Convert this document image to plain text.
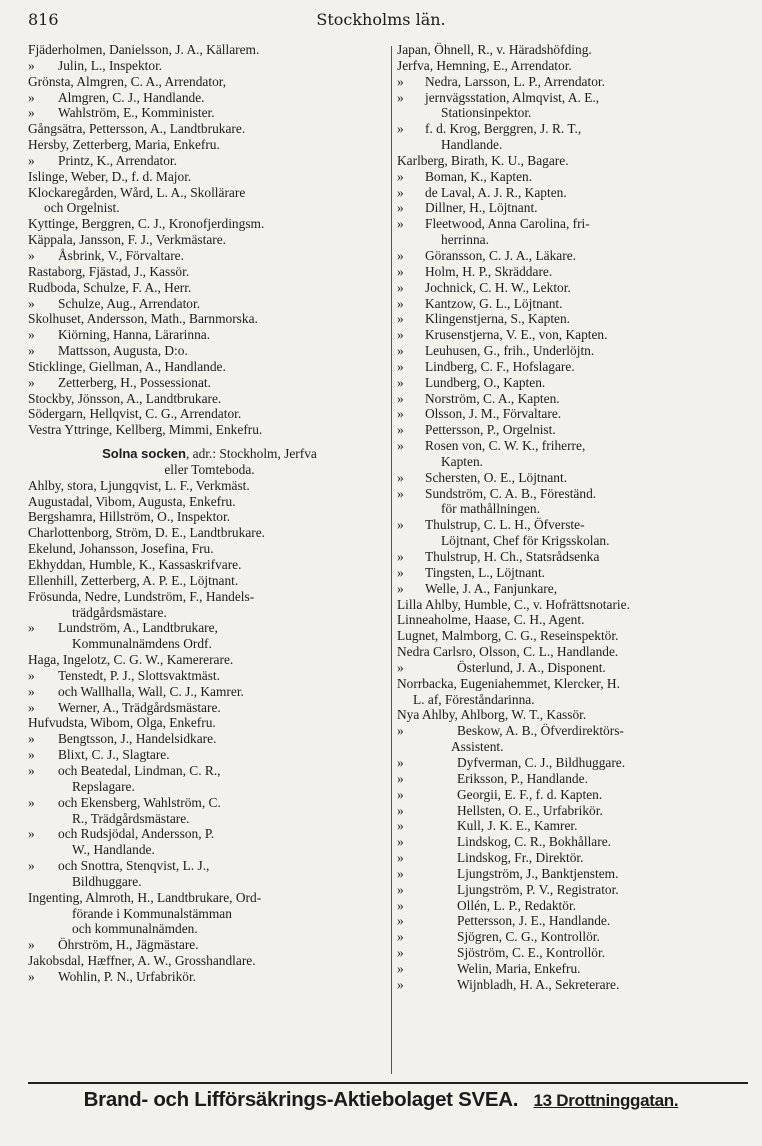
816	Stockholms län.
Fjäderholmen, Danielsson, J. A., Källarem.
» Julin, L., Inspektor.
Grönsta, Almgren, C. A., Arrendator,
» Almgren, C. J., Handlande.
» Wahlström, E., Komminister.
Gångsätra, Pettersson, A., Landtbrukare.
Hersby, Zetterberg, Maria, Enkefru.
» Printz, K., Arrendator.
Islinge, Weber, D., f. d. Major.
Klockaregården, Wård, L. A., Skollärare
och Orgelnist.
Kyttinge, Berggren, C. J., Kronofjerdingsm.
Käppala, Jansson, F. J., Verkmästare.
» Åsbrink, V., Förvaltare.
Rastaborg, Fjästad, J., Kassör.
Rudboda, Schulze, F. A., Herr.
» Schulze, Aug., Arrendator.
Skolhuset, Andersson, Math., Barnmorska.
» Kiörning, Hanna, Lärarinna.
» Mattsson, Augusta, D:o.
Sticklinge, Giellman, A., Handlande.
» Zetterberg, H., Possessionat.
Stockby, Jönsson, A., Landtbrukare.
Södergarn, Hellqvist, C. G., Arrendator.
Vestra Yttringe, Kellberg, Mimmi, Enkefru.
Solna socken, adr.: Stockholm, Jerfva
eller Tomteboda.
Ahlby, stora, Ljungqvist, L. F., Verkmäst.
Augustadal, Vibom, Augusta, Enkefru.
Bergshamra, Hillström, O., Inspektor.
Charlottenborg, Ström, D. E., Landtbrukare.
Ekelund, Johansson, Josefina, Fru.
Ekhyddan, Humble, K., Kassaskrifvare.
Ellenhill, Zetterberg, A. P. E., Löjtnant.
Frösunda, Nedre, Lundström, F., Handels-
trädgårdsmästare.
» Lundström, A., Landtbrukare,
Kommunalnämdens Ordf.
Haga, Ingelotz, C. G. W., Kamererare.
» Tenstedt, P. J., Slottsvaktmäst.
» och Wallhalla, Wall, C. J., Kamrer.
» Werner, A., Trädgårdsmästare.
Hufvudsta, Wibom, Olga, Enkefru.
» Bengtsson, J., Handelsidkare.
» Blixt, C. J., Slagtare.
» och Beatedal, Lindman, C. R.,
Repslagare.
» och Ekensberg, Wahlström, C.
R., Trädgårdsmästare.
» och Rudsjödal, Andersson, P.
W., Handlande.
» och Snottra, Stenqvist, L. J.,
Bildhuggare.
Ingenting, Almroth, H., Landtbrukare, Ord-
förande i Kommunalstämman
och kommunalnämden.
» Öhrström, H., Jägmästare.
Jakobsdal, Hæffner, A. W., Grosshandlare.
» Wohlin, P. N., Urfabrikör.
Japan, Öhnell, R., v. Häradshöfding.
Jerfva, Hemning, E., Arrendator.
» Nedra, Larsson, L. P., Arrendator.
» jernvägsstation, Almqvist, A. E.,
Stationsinpektor.
» f. d. Krog, Berggren, J. R. T.,
Handlande.
Karlberg, Birath, K. U., Bagare.
» Boman, K., Kapten.
» de Laval, A. J. R., Kapten.
» Dillner, H., Löjtnant.
» Fleetwood, Anna Carolina, fri-
herrinna.
» Göransson, C. J. A., Läkare.
» Holm, H. P., Skräddare.
» Jochnick, C. H. W., Lektor.
» Kantzow, G. L., Löjtnant.
» Klingenstjerna, S., Kapten.
» Krusenstjerna, V. E., von, Kapten.
» Leuhusen, G., frih., Underlöjtn.
» Lindberg, C. F., Hofslagare.
» Lundberg, O., Kapten.
» Norström, C. A., Kapten.
» Olsson, J. M., Förvaltare.
» Pettersson, P., Orgelnist.
» Rosen von, C. W. K., friherre,
Kapten.
» Schersten, O. E., Löjtnant.
» Sundström, C. A. B., Föreständ.
för mathållningen.
» Thulstrup, C. L. H., Öfverste-
Löjtnant, Chef för Krigsskolan.
» Thulstrup, H. Ch., Statsrådsenka
» Tingsten, L., Löjtnant.
» Welle, J. A., Fanjunkare,
Lilla Ahlby, Humble, C., v. Hofrättsnotarie.
Linneaholme, Haase, C. H., Agent.
Lugnet, Malmborg, C. G., Reseinspektör.
Nedra Carlsro, Olsson, C. L., Handlande.
»	Österlund, J. A., Disponent.
Norrbacka, Eugeniahemmet, Klercker, H.
L. af, Föreståndarinna.
Nya Ahlby, Ahlborg, W. T., Kassör.
»	Beskow, A. B., Öfverdirektörs-
Assistent.
»	Dyfverman, C. J., Bildhuggare.
»	Eriksson, P., Handlande.
»	Georgii, E. F., f. d. Kapten.
»	Hellsten, O. E., Urfabrikör.
»	Kull, J. K. E., Kamrer.
»	Lindskog, C. R., Bokhållare.
»	Lindskog, Fr., Direktör.
»	Ljungström, J., Banktjenstem.
»	Ljungström, P. V., Registrator.
»	Ollén, L. P., Redaktör.
»	Pettersson, J. E., Handlande.
»	Sjögren, C. G., Kontrollör.
»	Sjöström, C. E., Kontrollör.
»	Welin, Maria, Enkefru.
»	Wijnbladh, H. A., Sekreterare.
Brand- och Lifförsäkrings-Aktiebolaget SVEA. 13 Drottninggatan.
